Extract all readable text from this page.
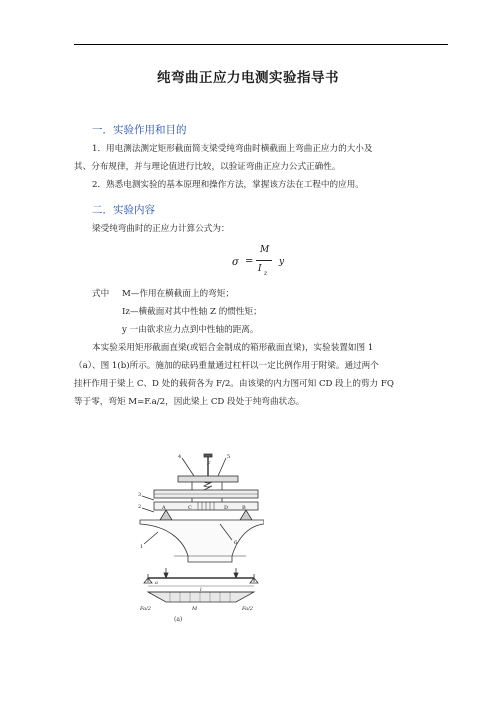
纯弯曲正应力电测实验指导书
一．实验作用和目的
1．用电测法测定矩形截面简支梁受纯弯曲时横截面上弯曲正应力的大小及
其、分布规律，并与理论值进行比较，以验证弯曲正应力公式正确性。
2．熟悉电测实验的基本原理和操作方法，掌握该方法在工程中的应用。
二．实验内容
梁受纯弯曲时的正应力计算公式为：
σ =
M
I z
y
式中 M—作用在横截面上的弯矩；
Iz—横截面对其中性轴 Z 的惯性矩；
y 一由欲求应力点到中性轴的距离。
本实验采用矩形截面直梁(或铝合金制成的箱形截面直梁)，实验装置如图 1
（a）、图 1(b)所示。施加的砝码重量通过杠杆以一定比例作用于附梁。通过两个
挂杆作用于梁上 C、D 处的载荷各为 F/2。由该梁的内力图可知 CD 段上的剪力 FQ
等于零，弯矩 M=F.a/2，因此梁上 CD 段处于纯弯曲状态。
4	5
F
3
2	A	B
C	D
1
6
a
l
Fa/2	Fa/2
M
(a)
